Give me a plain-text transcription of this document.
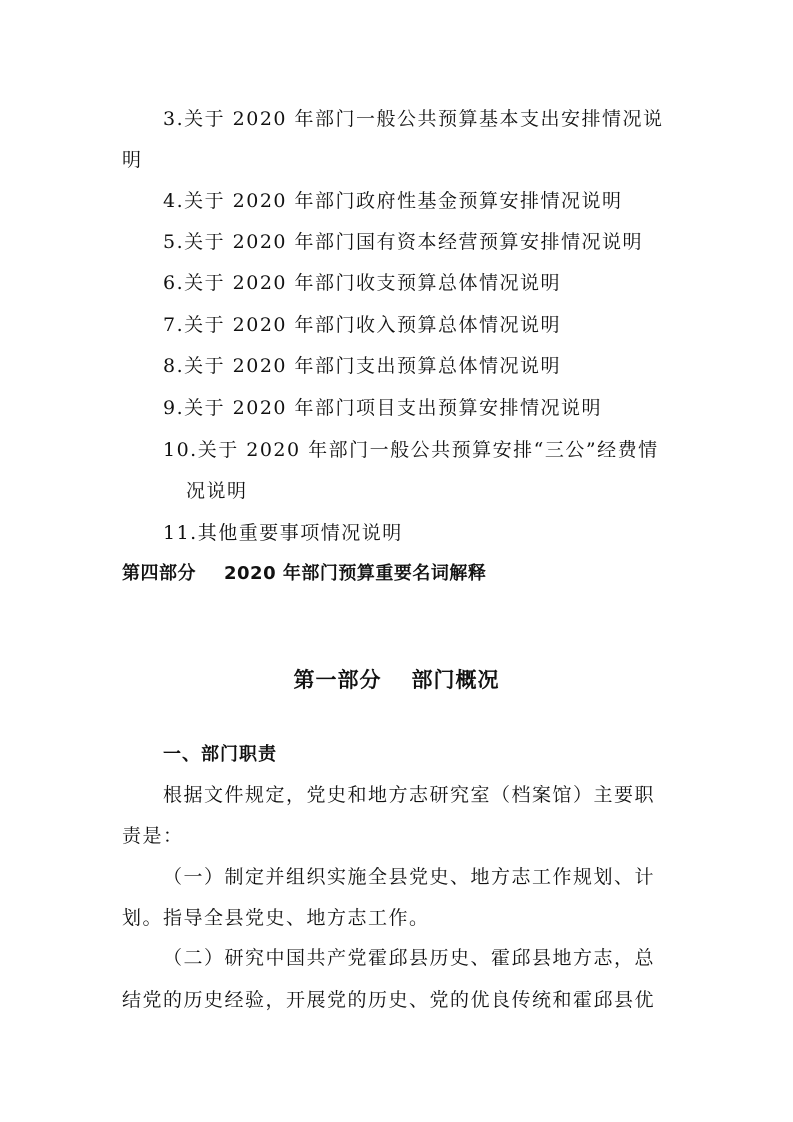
3.关于 2020 年部门一般公共预算基本支出安排情况说
明
4.关于 2020 年部门政府性基金预算安排情况说明
5.关于 2020 年部门国有资本经营预算安排情况说明
6.关于 2020 年部门收支预算总体情况说明
7.关于 2020 年部门收入预算总体情况说明
8.关于 2020 年部门支出预算总体情况说明
9.关于 2020 年部门项目支出预算安排情况说明
10.关于 2020 年部门一般公共预算安排“三公”经费情
况说明
11.其他重要事项情况说明
第四部分 2020 年部门预算重要名词解释
第一部分 部门概况
一、部门职责
根据文件规定，党史和地方志研究室（档案馆）主要职
责是：
（一）制定并组织实施全县党史、地方志工作规划、计
划。指导全县党史、地方志工作。
（二）研究中国共产党霍邱县历史、霍邱县地方志，总
结党的历史经验，开展党的历史、党的优良传统和霍邱县优
